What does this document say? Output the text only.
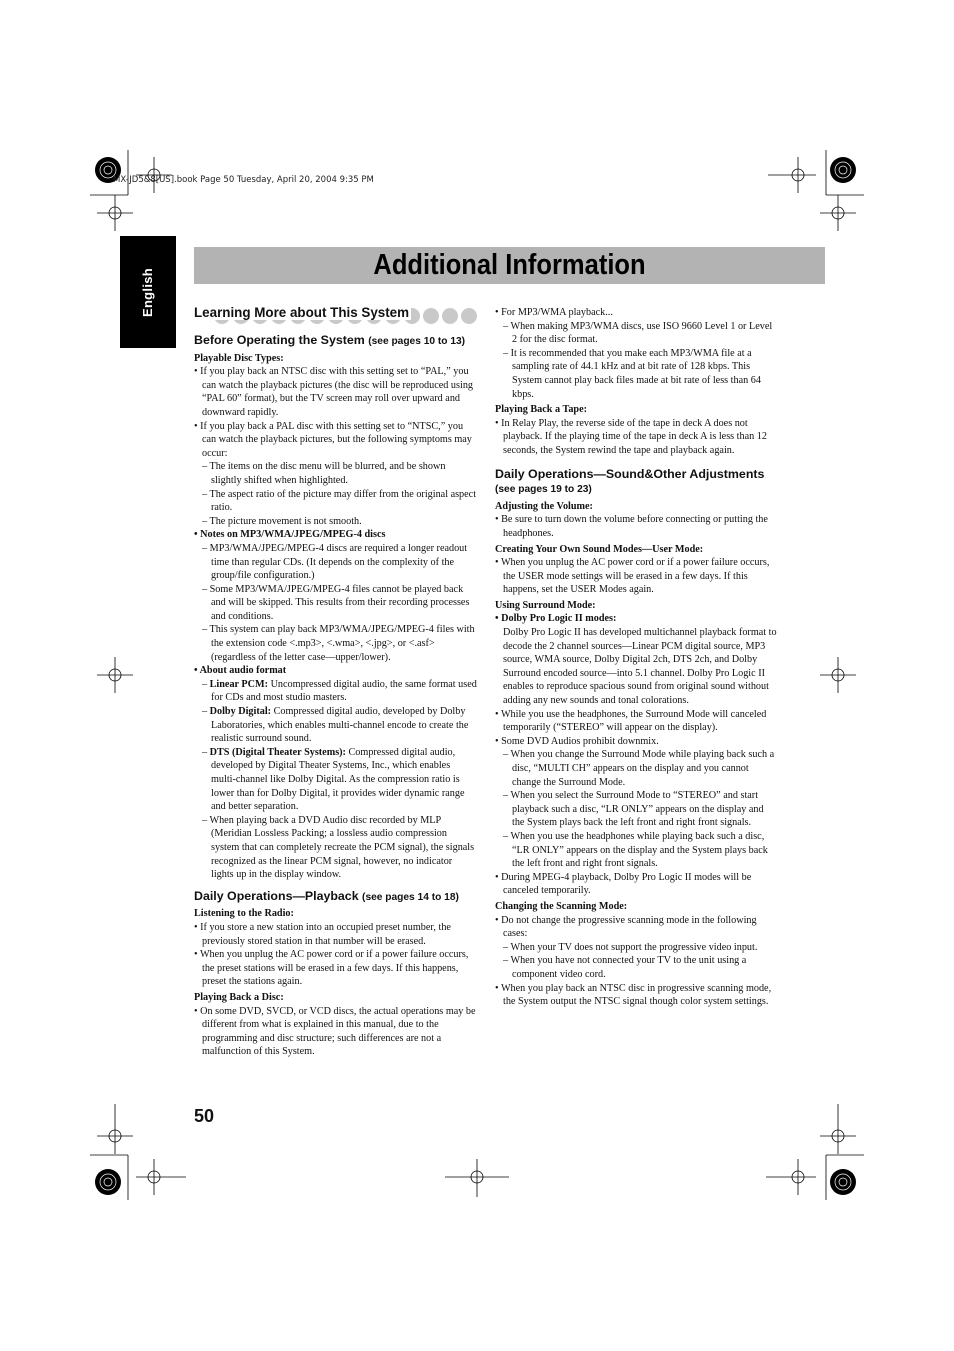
MX-JD5&8[US].book Page 50 Tuesday, April 20, 2004 9:35 PM
English
Additional Information
Learning More about This System
Before Operating the System (see pages 10 to 13)
Playable Disc Types:
• If you play back an NTSC disc with this setting set to “PAL,” you can watch the playback pictures (the disc will be reproduced using “PAL 60” format), but the TV screen may roll over upward and downward rapidly.
• If you play back a PAL disc with this setting set to “NTSC,” you can watch the playback pictures, but the following symptoms may occur:
– The items on the disc menu will be blurred, and be shown slightly shifted when highlighted.
– The aspect ratio of the picture may differ from the original aspect ratio.
– The picture movement is not smooth.
• Notes on MP3/WMA/JPEG/MPEG-4 discs
– MP3/WMA/JPEG/MPEG-4 discs are required a longer readout time than regular CDs. (It depends on the complexity of the group/file configuration.)
– Some MP3/WMA/JPEG/MPEG-4 files cannot be played back and will be skipped. This results from their recording processes and conditions.
– This system can play back MP3/WMA/JPEG/MPEG-4 files with the extension code <.mp3>, <.wma>, <.jpg>, or <.asf> (regardless of the letter case—upper/lower).
• About audio format
– Linear PCM: Uncompressed digital audio, the same format used for CDs and most studio masters.
– Dolby Digital: Compressed digital audio, developed by Dolby Laboratories, which enables multi-channel encode to create the realistic surround sound.
– DTS (Digital Theater Systems): Compressed digital audio, developed by Digital Theater Systems, Inc., which enables multi-channel like Dolby Digital. As the compression ratio is lower than for Dolby Digital, it provides wider dynamic range and better separation.
– When playing back a DVD Audio disc recorded by MLP (Meridian Lossless Packing; a lossless audio compression system that can completely recreate the PCM signal), the signals recognized as the linear PCM signal, however, no indicator lights up in the display window.
Daily Operations—Playback (see pages 14 to 18)
Listening to the Radio:
• If you store a new station into an occupied preset number, the previously stored station in that number will be erased.
• When you unplug the AC power cord or if a power failure occurs, the preset stations will be erased in a few days. If this happens, preset the stations again.
Playing Back a Disc:
• On some DVD, SVCD, or VCD discs, the actual operations may be different from what is explained in this manual, due to the programming and disc structure; such differences are not a malfunction of this System.
• For MP3/WMA playback...
– When making MP3/WMA discs, use ISO 9660 Level 1 or Level 2 for the disc format.
– It is recommended that you make each MP3/WMA file at a sampling rate of 44.1 kHz and at bit rate of 128 kbps. This System cannot play back files made at bit rate of less than 64 kbps.
Playing Back a Tape:
• In Relay Play, the reverse side of the tape in deck A does not playback. If the playing time of the tape in deck A is less than 12 seconds, the System rewind the tape and playback again.
Daily Operations—Sound&Other Adjustments
(see pages 19 to 23)
Adjusting the Volume:
• Be sure to turn down the volume before connecting or putting the headphones.
Creating Your Own Sound Modes—User Mode:
• When you unplug the AC power cord or if a power failure occurs, the USER mode settings will be erased in a few days. If this happens, set the USER Modes again.
Using Surround Mode:
• Dolby Pro Logic II modes:
Dolby Pro Logic II has developed multichannel playback format to decode the 2 channel sources—Linear PCM digital source, MP3 source, WMA source, Dolby Digital 2ch, DTS 2ch, and Dolby Surround encoded source—into 5.1 channel. Dolby Pro Logic II enables to reproduce spacious sound from original sound without adding any new sounds and tonal colorations.
• While you use the headphones, the Surround Mode will canceled temporarily (“STEREO” will appear on the display).
• Some DVD Audios prohibit downmix.
– When you change the Surround Mode while playing back such a disc, “MULTI CH” appears on the display and you cannot change the Surround Mode.
– When you select the Surround Mode to “STEREO” and start playback such a disc, “LR ONLY” appears on the display and the System plays back the left front and right front signals.
– When you use the headphones while playing back such a disc, “LR ONLY” appears on the display and the System plays back the left front and right front signals.
• During MPEG-4 playback, Dolby Pro Logic II modes will be canceled temporarily.
Changing the Scanning Mode:
• Do not change the progressive scanning mode in the following cases:
– When your TV does not support the progressive video input.
– When you have not connected your TV to the unit using a component video cord.
• When you play back an NTSC disc in progressive scanning mode, the System output the NTSC signal though color system settings.
50
